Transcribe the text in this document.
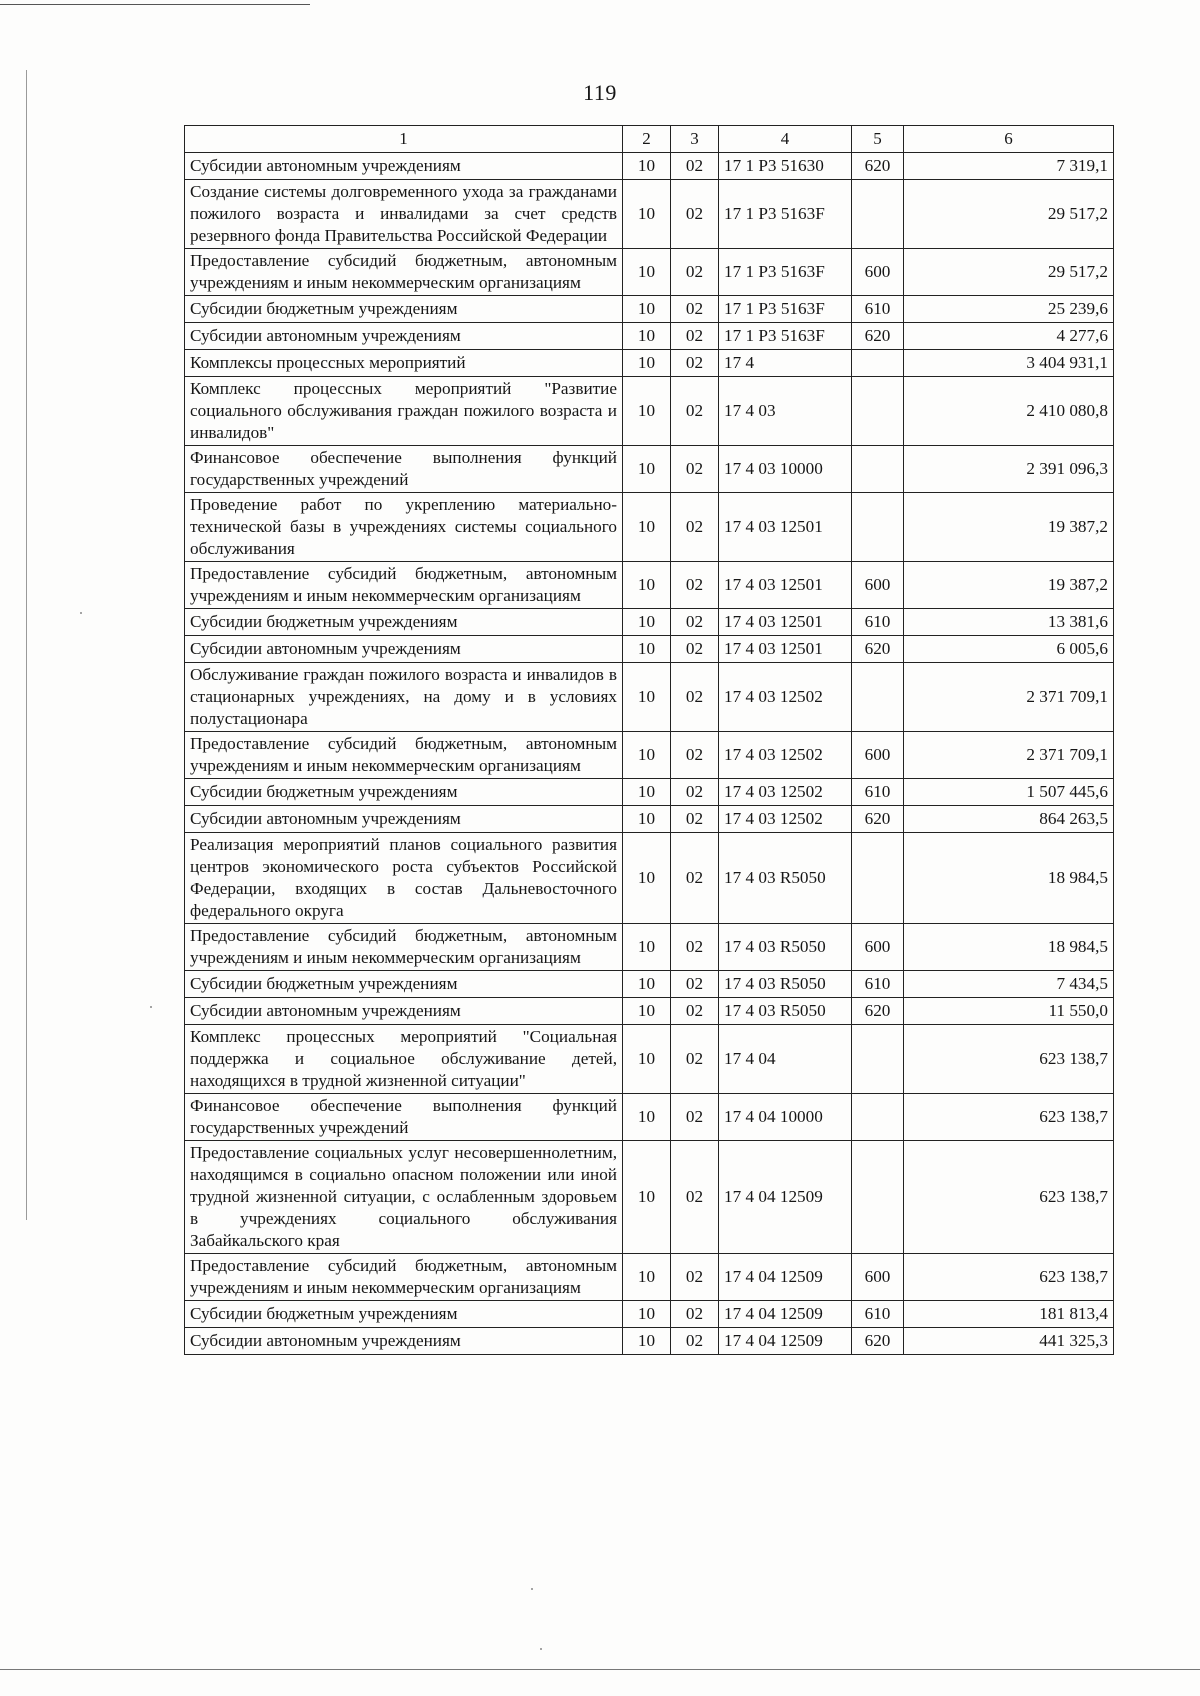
119
1	2	3	4	5	6
Субсидии автономным учреждениям	10	02	17 1 Р3 51630	620	7 319,1
Создание системы долговременного ухода за гражданами пожилого возраста и инвалидами за счет средств резервного фонда Правительства Российской Федерации	10	02	17 1 Р3 5163F		29 517,2
Предоставление субсидий бюджетным, автономным учреждениям и иным некоммерческим организациям	10	02	17 1 Р3 5163F	600	29 517,2
Субсидии бюджетным учреждениям	10	02	17 1 Р3 5163F	610	25 239,6
Субсидии автономным учреждениям	10	02	17 1 Р3 5163F	620	4 277,6
Комплексы процессных мероприятий	10	02	17 4		3 404 931,1
Комплекс процессных мероприятий "Развитие социального обслуживания граждан пожилого возраста и инвалидов"	10	02	17 4 03		2 410 080,8
Финансовое обеспечение выполнения функций государственных учреждений	10	02	17 4 03 10000		2 391 096,3
Проведение работ по укреплению материально-технической базы в учреждениях системы социального обслуживания	10	02	17 4 03 12501		19 387,2
Предоставление субсидий бюджетным, автономным учреждениям и иным некоммерческим организациям	10	02	17 4 03 12501	600	19 387,2
Субсидии бюджетным учреждениям	10	02	17 4 03 12501	610	13 381,6
Субсидии автономным учреждениям	10	02	17 4 03 12501	620	6 005,6
Обслуживание граждан пожилого возраста и инвалидов в стационарных учреждениях, на дому и в условиях полустационара	10	02	17 4 03 12502		2 371 709,1
Предоставление субсидий бюджетным, автономным учреждениям и иным некоммерческим организациям	10	02	17 4 03 12502	600	2 371 709,1
Субсидии бюджетным учреждениям	10	02	17 4 03 12502	610	1 507 445,6
Субсидии автономным учреждениям	10	02	17 4 03 12502	620	864 263,5
Реализация мероприятий планов социального развития центров экономического роста субъектов Российской Федерации, входящих в состав Дальневосточного федерального округа	10	02	17 4 03 R5050		18 984,5
Предоставление субсидий бюджетным, автономным учреждениям и иным некоммерческим организациям	10	02	17 4 03 R5050	600	18 984,5
Субсидии бюджетным учреждениям	10	02	17 4 03 R5050	610	7 434,5
Субсидии автономным учреждениям	10	02	17 4 03 R5050	620	11 550,0
Комплекс процессных мероприятий "Социальная поддержка и социальное обслуживание детей, находящихся в трудной жизненной ситуации"	10	02	17 4 04		623 138,7
Финансовое обеспечение выполнения функций государственных учреждений	10	02	17 4 04 10000		623 138,7
Предоставление социальных услуг несовершеннолетним, находящимся в социально опасном положении или иной трудной жизненной ситуации, с ослабленным здоровьем в учреждениях социального обслуживания Забайкальского края	10	02	17 4 04 12509		623 138,7
Предоставление субсидий бюджетным, автономным учреждениям и иным некоммерческим организациям	10	02	17 4 04 12509	600	623 138,7
Субсидии бюджетным учреждениям	10	02	17 4 04 12509	610	181 813,4
Субсидии автономным учреждениям	10	02	17 4 04 12509	620	441 325,3
